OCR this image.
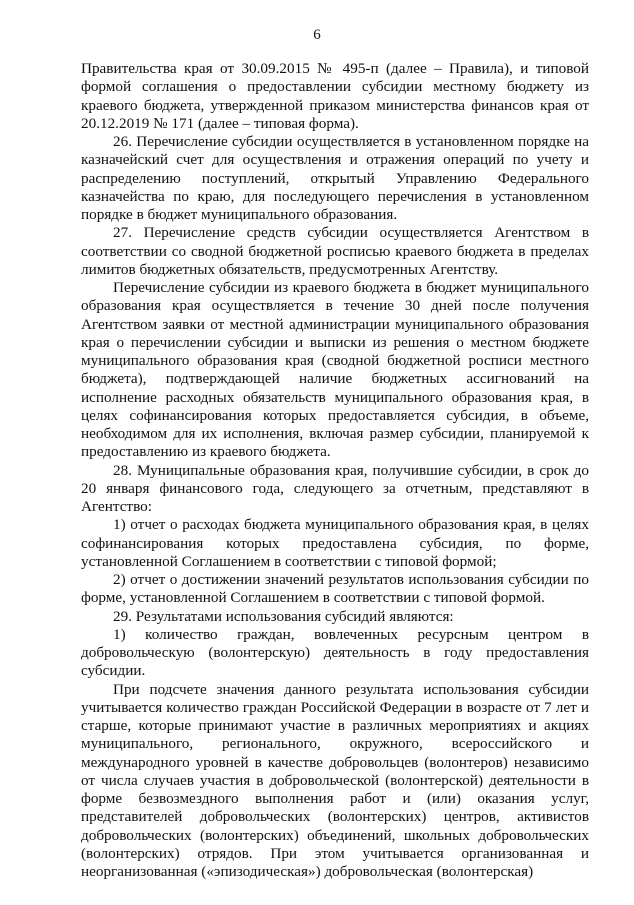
6

Правительства края от 30.09.2015 № 495-п (далее – Правила), и типовой формой соглашения о предоставлении субсидии местному бюджету из краевого бюджета, утвержденной приказом министерства финансов края от 20.12.2019 № 171 (далее – типовая форма).

26. Перечисление субсидии осуществляется в установленном порядке на казначейский счет для осуществления и отражения операций по учету и распределению поступлений, открытый Управлению Федерального казначейства по краю, для последующего перечисления в установленном порядке в бюджет муниципального образования.

27. Перечисление средств субсидии осуществляется Агентством в соответствии со сводной бюджетной росписью краевого бюджета в пределах лимитов бюджетных обязательств, предусмотренных Агентству.

Перечисление субсидии из краевого бюджета в бюджет муниципального образования края осуществляется в течение 30 дней после получения Агентством заявки от местной администрации муниципального образования края о перечислении субсидии и выписки из решения о местном бюджете муниципального образования края (сводной бюджетной росписи местного бюджета), подтверждающей наличие бюджетных ассигнований на исполнение расходных обязательств муниципального образования края, в целях софинансирования которых предоставляется субсидия, в объеме, необходимом для их исполнения, включая размер субсидии, планируемой к предоставлению из краевого бюджета.

28. Муниципальные образования края, получившие субсидии, в срок до 20 января финансового года, следующего за отчетным, представляют в Агентство:

1) отчет о расходах бюджета муниципального образования края, в целях софинансирования которых предоставлена субсидия, по форме, установленной Соглашением в соответствии с типовой формой;

2) отчет о достижении значений результатов использования субсидии по форме, установленной Соглашением в соответствии с типовой формой.

29. Результатами использования субсидий являются:

1) количество граждан, вовлеченных ресурсным центром в добровольческую (волонтерскую) деятельность в году предоставления субсидии.

При подсчете значения данного результата использования субсидии учитывается количество граждан Российской Федерации в возрасте от 7 лет и старше, которые принимают участие в различных мероприятиях и акциях муниципального, регионального, окружного, всероссийского и международного уровней в качестве добровольцев (волонтеров) независимо от числа случаев участия в добровольческой (волонтерской) деятельности в форме безвозмездного выполнения работ и (или) оказания услуг, представителей добровольческих (волонтерских) центров, активистов добровольческих (волонтерских) объединений, школьных добровольческих (волонтерских) отрядов. При этом учитывается организованная и неорганизованная («эпизодическая») добровольческая (волонтерская)
